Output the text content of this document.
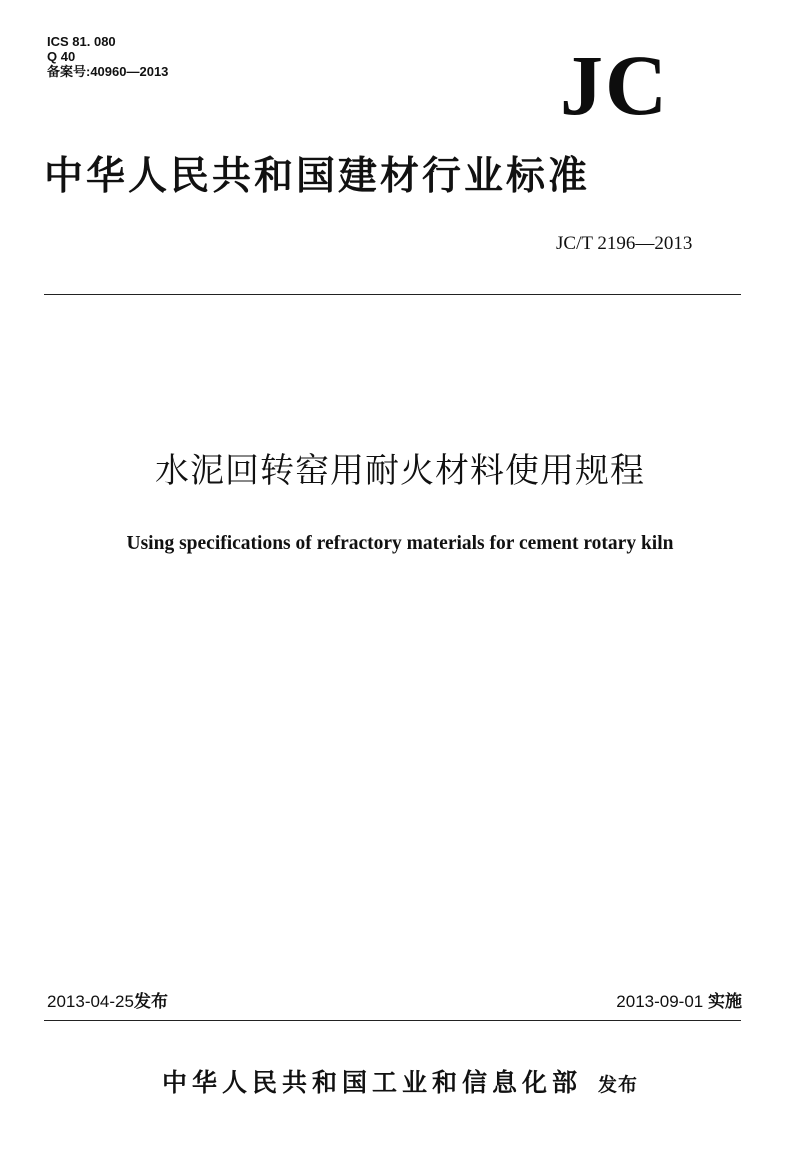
ICS 81. 080
Q 40
备案号:40960—2013	JC
中华人民共和国建材行业标准
JC/T 2196—2013
水泥回转窑用耐火材料使用规程
Using specifications of refractory materials for cement rotary kiln
2013-04-25发布	2013-09-01 实施
中华人民共和国工业和信息化部 发布
